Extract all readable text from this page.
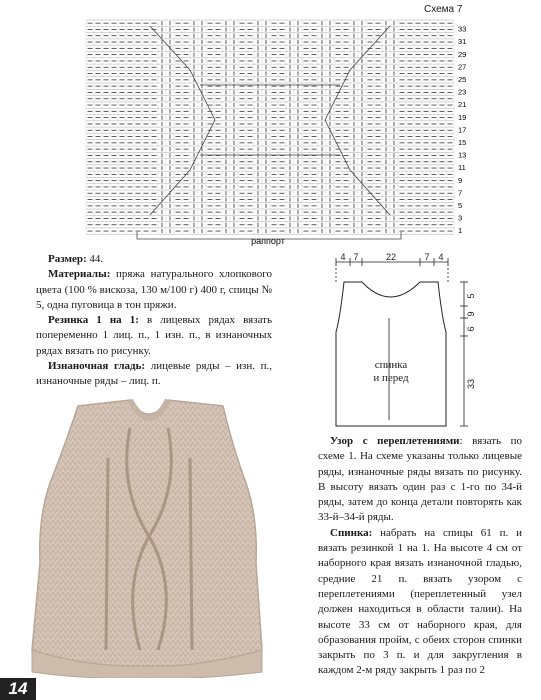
1
3
5
7
9
11
13
15
17
19
21
23
25
27
29
31
33
раппорт
Схема 7

Размер: 44.

Материалы: пряжа натурального хлопкового цвета (100 % вискоза, 130 м/100 г) 400 г, спицы № 5, одна пуговица в тон пряжи.

Резинка 1 на 1: в лицевых рядах вязать попеременно 1 лиц. п., 1 изн. п., в изнаночных рядах вязать по рисунку.

Изнаночная гладь: лицевые ряды – изн. п., изнаночные ряды – лиц. п.

4 7	22	7 4
5
9
6
33
спинка
и перед

Узор с переплетениями: вязать по схеме 1. На схеме указаны только лицевые ряды, изнаночные ряды вязать по рисунку. В высоту вязать один раз с 1-го по 34-й ряды, затем до конца детали повторять как 33-й–34-й ряды.

Спинка: набрать на спицы 61 п. и вязать резинкой 1 на 1. На высоте 4 см от наборного края вязать изнаночной гладью, средние 21 п. вязать узором с переплетениями (переплетенный узел должен находиться в области талии). На высоте 33 см от наборного края, для образования пройм, с обеих сторон спинки закрыть по 3 п. и для закругления в каждом 2-м ряду закрыть 1 раз по 2

14
